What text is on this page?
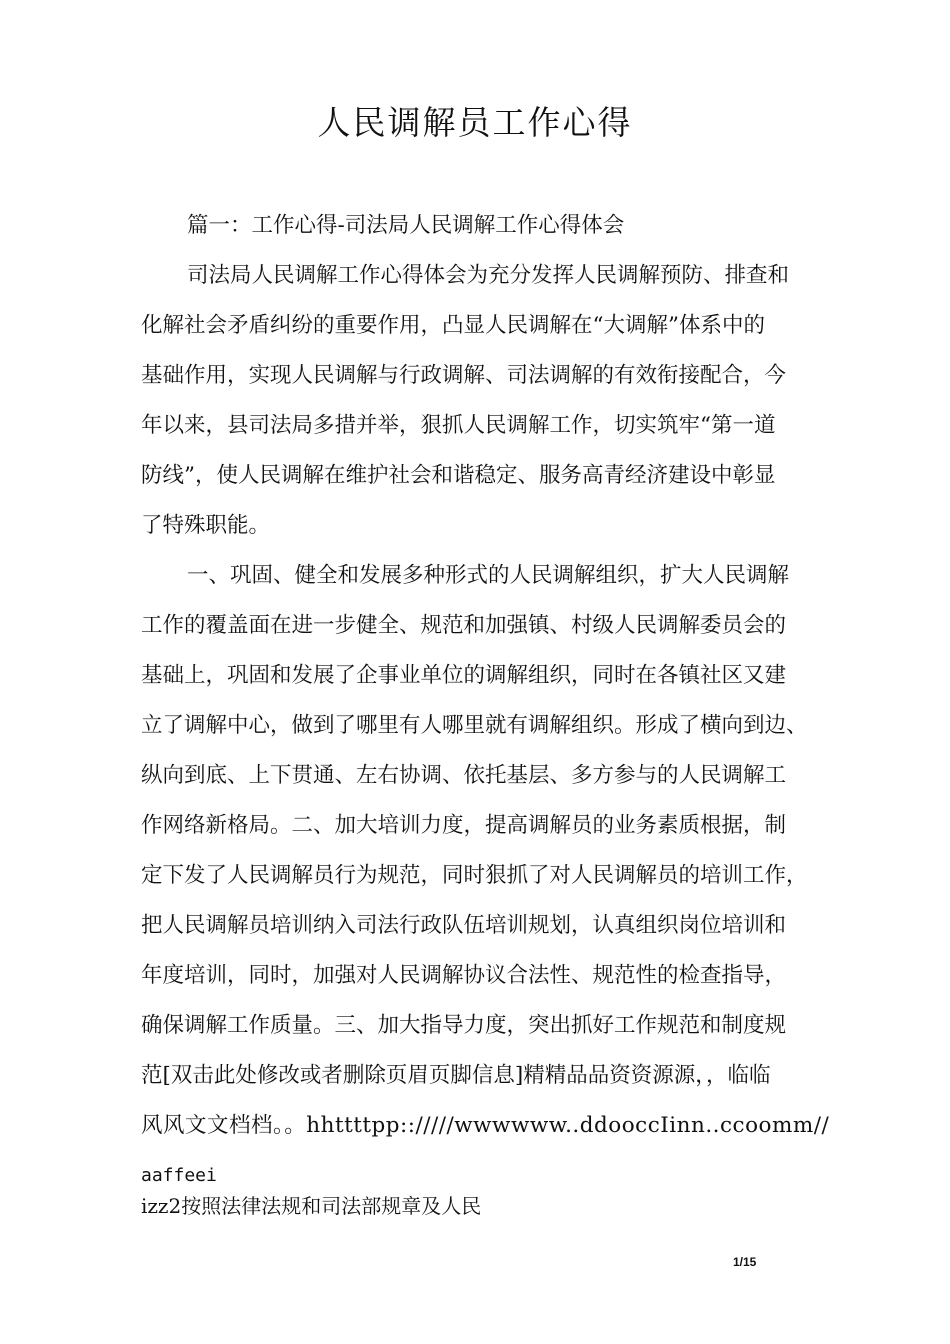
人民调解员工作心得
篇一：工作心得-司法局人民调解工作心得体会
司法局人民调解工作心得体会为充分发挥人民调解预防、排查和
化解社会矛盾纠纷的重要作用，凸显人民调解在“大调解”体系中的
基础作用，实现人民调解与行政调解、司法调解的有效衔接配合，今
年以来，县司法局多措并举，狠抓人民调解工作，切实筑牢“第一道
防线”，使人民调解在维护社会和谐稳定、服务高青经济建设中彰显
了特殊职能。
一、巩固、健全和发展多种形式的人民调解组织，扩大人民调解
工作的覆盖面在进一步健全、规范和加强镇、村级人民调解委员会的
基础上，巩固和发展了企事业单位的调解组织，同时在各镇社区又建
立了调解中心，做到了哪里有人哪里就有调解组织。形成了横向到边、
纵向到底、上下贯通、左右协调、依托基层、多方参与的人民调解工
作网络新格局。二、加大培训力度，提高调解员的业务素质根据，制
定下发了人民调解员行为规范，同时狠抓了对人民调解员的培训工作，
把人民调解员培训纳入司法行政队伍培训规划，认真组织岗位培训和
年度培训，同时，加强对人民调解协议合法性、规范性的检查指导，
确保调解工作质量。三、加大指导力度，突出抓好工作规范和制度规
范[双击此处修改或者删除页眉页脚信息]精精品品资资源源，，临临
风风文文档档。。hhttttpp:://///wwwwww..ddooccIinn..ccoomm//
aaffeei
izz2按照法律法规和司法部规章及人民
1/15
